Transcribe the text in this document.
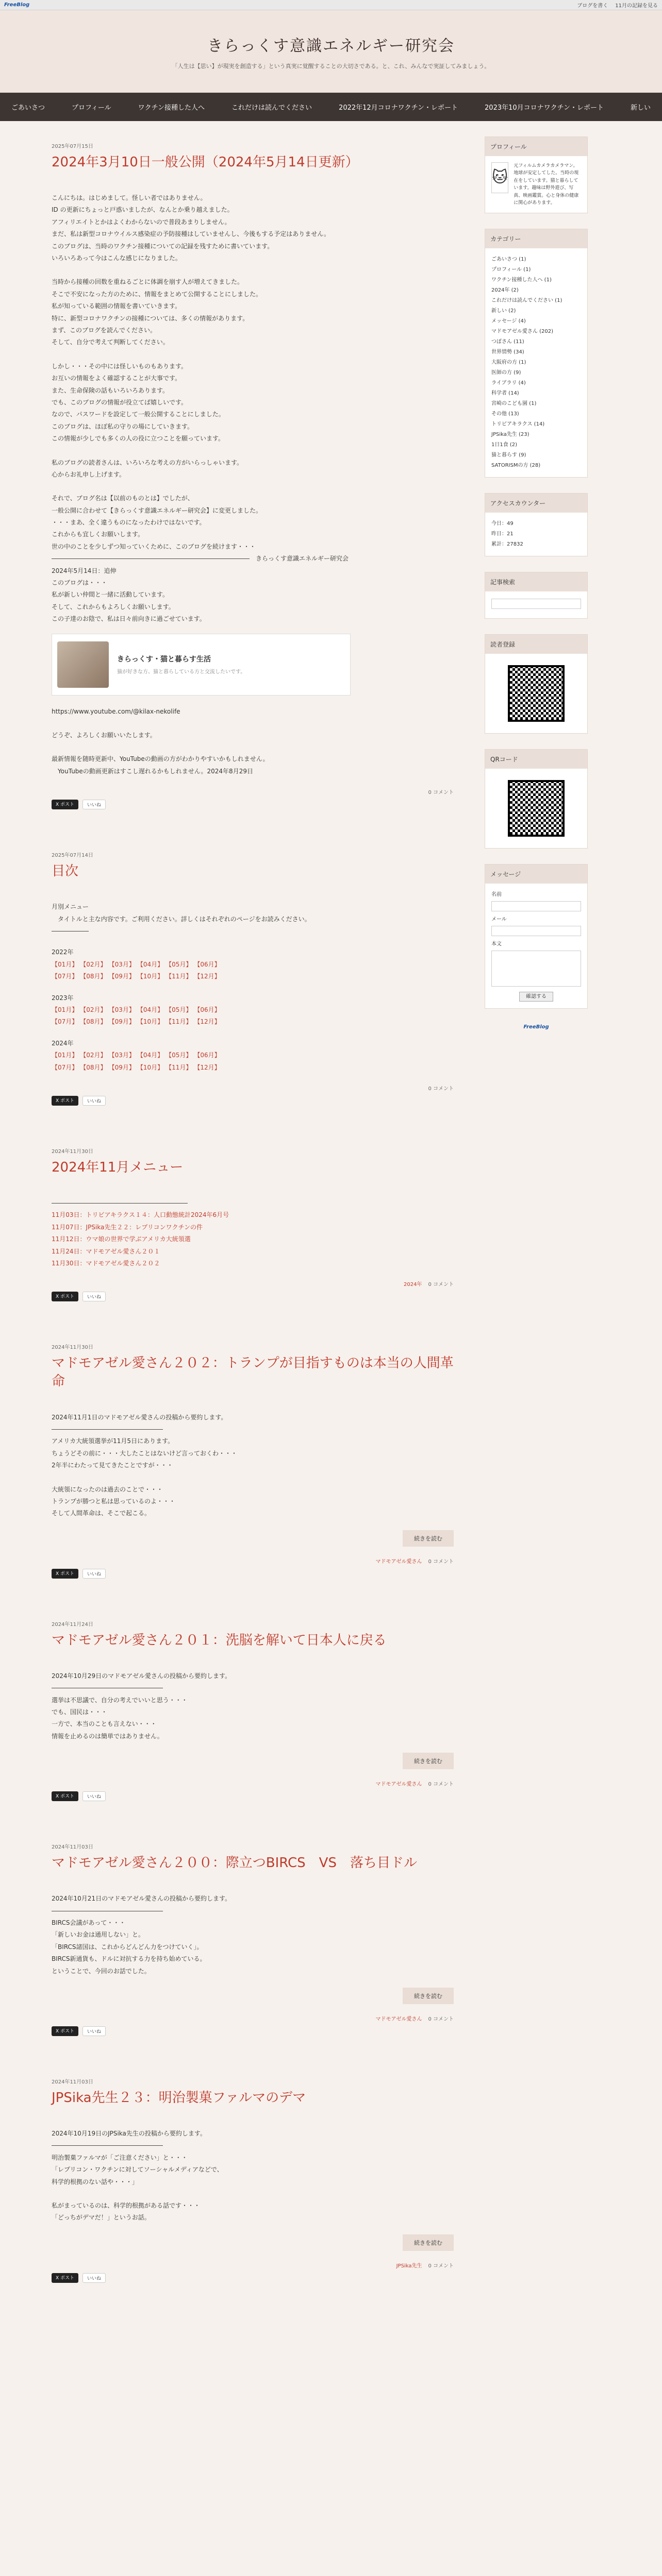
FreeBlog	ブログを書く 11月の記録を見る
きらっくす意識エネルギー研究会

「人生は【思い】が現実を創造する」という真実に覚醒することの大切さである。と、これ、みんなで実証してみましょう。

ごあいさつ	プロフィール	ワクチン接種した人へ	これだけは読んでください	2022年12月コロナワクチン・レポート	2023年10月コロナワクチン・レポート	新しい
2025年07月15日
2024年3月10日一般公開（2024年5月14日更新）
こんにちは。はじめまして。怪しい者ではありません。
ID の更新にちょっと戸惑いましたが、なんとか乗り越えました。
アフィリエイトとかはよくわからないので普段あまりしません。
まだ、私は新型コロナウイルス感染症の予防接種はしていませんし、今後もする予定はありません。
このブログは、当時のワクチン接種についての記録を残すために書いています。
いろいろあって今はこんな感じになりました。
当時から接種の回数を重ねるごとに体調を崩す人が増えてきました。
そこで不安になった方のために、情報をまとめて公開することにしました。
私が知っている範囲の情報を書いていきます。
特に、新型コロナワクチンの接種については、多くの情報があります。
まず、このブログを読んでください。
そして、自分で考えて判断してください。
しかし・・・その中には怪しいものもあります。
お互いの情報をよく確認することが大事です。
また、生命保険の話もいろいろあります。
でも、このブログの情報が役立てば嬉しいです。
なので、パスワードを設定して一般公開することにしました。
このブログは、ほぼ私の守りの場にしていきます。
この情報が少しでも多くの人の役に立つことを願っています。
私のブログの読者さんは、いろいろな考えの方がいらっしゃいます。
心からお礼申し上げます。
それで、ブログ名は【以前のものとは】でしたが、
一般公開に合わせて【きらっくす意識エネルギー研究会】に変更しました。
・・・まあ、全く違うものになったわけではないです。
これからも宜しくお願いします。
世の中のことを少しずつ知っていくために、このブログを続けます・・・
――――――――――――――――――――――――――――――――　きらっくす意識エネルギー研究会
2024年5月14日：追伸
このブログは・・・
私が新しい仲間と一緒に活動しています。
そして、これからもよろしくお願いします。
この子達のお陰で、私は日々前向きに過ごせています。
きらっくす・猫と暮らす生活
猫が好きな方、猫と暮らしている方と交流したいです。
https://www.youtube.com/@kilax-nekolife
どうぞ、よろしくお願いいたします。
最新情報を随時更新中、YouTubeの動画の方がわかりやすいかもしれません。
　YouTubeの動画更新はすこし遅れるかもしれません。2024年8月29日
0 コメント
X ポスト	いいね
2025年07月14日
目次
月別メニュー
　タイトルと主な内容です。ご利用ください。詳しくはそれぞれのページをお読みください。
――――――
2022年
【01月】 【02月】 【03月】 【04月】 【05月】 【06月】
【07月】 【08月】 【09月】 【10月】 【11月】 【12月】
2023年
【01月】 【02月】 【03月】 【04月】 【05月】 【06月】
【07月】 【08月】 【09月】 【10月】 【11月】 【12月】
2024年
【01月】 【02月】 【03月】 【04月】 【05月】 【06月】
【07月】 【08月】 【09月】 【10月】 【11月】 【12月】
0 コメント
X ポスト	いいね
2024年11月30日
2024年11月メニュー
――――――――――――――――――――――
11月03日：トリビアキラクス１４：人口動態統計2024年6月号
11月07日：JPSika先生２２：レプリコンワクチンの件
11月12日：ウマ娘の世界で学ぶアメリカ大統領選
11月24日：マドモアゼル愛さん２０１
11月30日：マドモアゼル愛さん２０２
2024年 0 コメント
X ポスト	いいね
2024年11月30日
マドモアゼル愛さん２０２：トランプが目指すものは本当の人間革命
2024年11月1日のマドモアゼル愛さんの投稿から要約します。
――――――――――――――――――
アメリカ大統領選挙が11月5日にあります。
ちょうどその前に・・・大したことはないけど言っておくわ・・・
2年半にわたって見てきたことですが・・・
大統領になったのは過去のことで・・・
トランプが勝つと私は思っているのよ・・・
そして人間革命は、そこで起こる。
続きを読む
マドモアゼル愛さん 0 コメント
X ポスト	いいね
2024年11月24日
マドモアゼル愛さん２０１：洗脳を解いて日本人に戻る
2024年10月29日のマドモアゼル愛さんの投稿から要約します。
――――――――――――――――――
選挙は不思議で、自分の考えでいいと思う・・・
でも、国民は・・・
一方で、本当のことも言えない・・・
情報を止めるのは簡単ではありません。
続きを読む
マドモアゼル愛さん 0 コメント
X ポスト	いいね
2024年11月03日
マドモアゼル愛さん２００：際立つBIRCS　VS　落ち目ドル
2024年10月21日のマドモアゼル愛さんの投稿から要約します。
――――――――――――――――――
BIRCS会議があって・・・
「新しいお金は通用しない」と。
「BIRCS諸国は、これからどんどん力をつけていく」。
BIRCS新通貨も、ドルに対抗する力を持ち始めている。
ということで、今回のお話でした。
続きを読む
マドモアゼル愛さん 0 コメント
X ポスト	いいね
2024年11月03日
JPSika先生２３：明治製菓ファルマのデマ
2024年10月19日のJPSika先生の投稿から要約します。
――――――――――――――――――
明治製菓ファルマが「ご注意ください」と・・・
「レプリコン・ワクチンに対してソーシャルメディアなどで、
科学的根拠のない話や・・・」
私がまっているのは、科学的根拠がある話です・・・
「どっちがデマだ！」というお話。
続きを読む
JPSika先生 0 コメント
X ポスト	いいね
プロフィール
🐱
元フィルムカメラカメラマン。地球が安定してした。当時の現在をしています。猫と暮らしています。趣味は野外遊び、写真、映画鑑賞。心と身体の健康に関心があります。
カテゴリー
ごあいさつ (1)
プロフィール (1)
ワクチン接種した人へ (1)
2024年 (2)
これだけは読んでください (1)
新しい (2)
メッセージ (4)
マドモアゼル愛さん (202)
つぼさん (11)
世界情勢 (34)
大阪府の方 (1)
医師の方 (9)
ライブラリ (4)
科学者 (14)
宮崎のこども園 (1)
その他 (13)
トリビアキラクス (14)
JPSika先生 (23)
1日1食 (2)
猫と暮らす (9)
SATORISMの方 (28)
アクセスカウンター
今日：49
昨日：21
累計：27832
記事検索
読者登録
QRコード
メッセージ
名前
メール
本文
確認する
FreeBlog
